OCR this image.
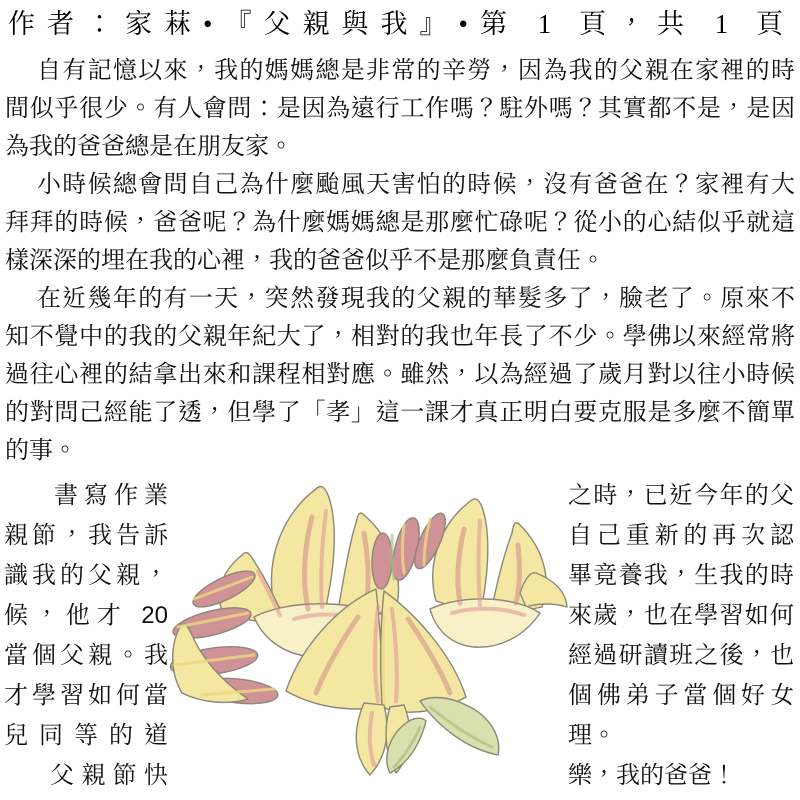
作者：家菻•『父親與我』•第 1 頁，共 1 頁
自有記憶以來，我的媽媽總是非常的辛勞，因為我的父親在家裡的時
間似乎很少。有人會問：是因為遠行工作嗎？駐外嗎？其實都不是，是因
為我的爸爸總是在朋友家。
小時候總會問自己為什麼颱風天害怕的時候，沒有爸爸在？家裡有大
拜拜的時候，爸爸呢？為什麼媽媽總是那麼忙碌呢？從小的心結似乎就這
樣深深的埋在我的心裡，我的爸爸似乎不是那麼負責任。
在近幾年的有一天，突然發現我的父親的華髮多了，臉老了。原來不
知不覺中的我的父親年紀大了，相對的我也年長了不少。學佛以來經常將
過往心裡的結拿出來和課程相對應。雖然，以為經過了歲月對以往小時候
的對問己經能了透，但學了「孝」這一課才真正明白要克服是多麼不簡單
的事。
書寫作業
親節，我告訴
識我的父親，
候，他才 20
當個父親。我
才學習如何當
兒同等的道
父親節快
之時，已近今年的父
自己重新的再次認
畢竟養我，生我的時
來歲，也在學習如何
經過研讀班之後，也
個佛弟子當個好女
理。
樂，我的爸爸！
